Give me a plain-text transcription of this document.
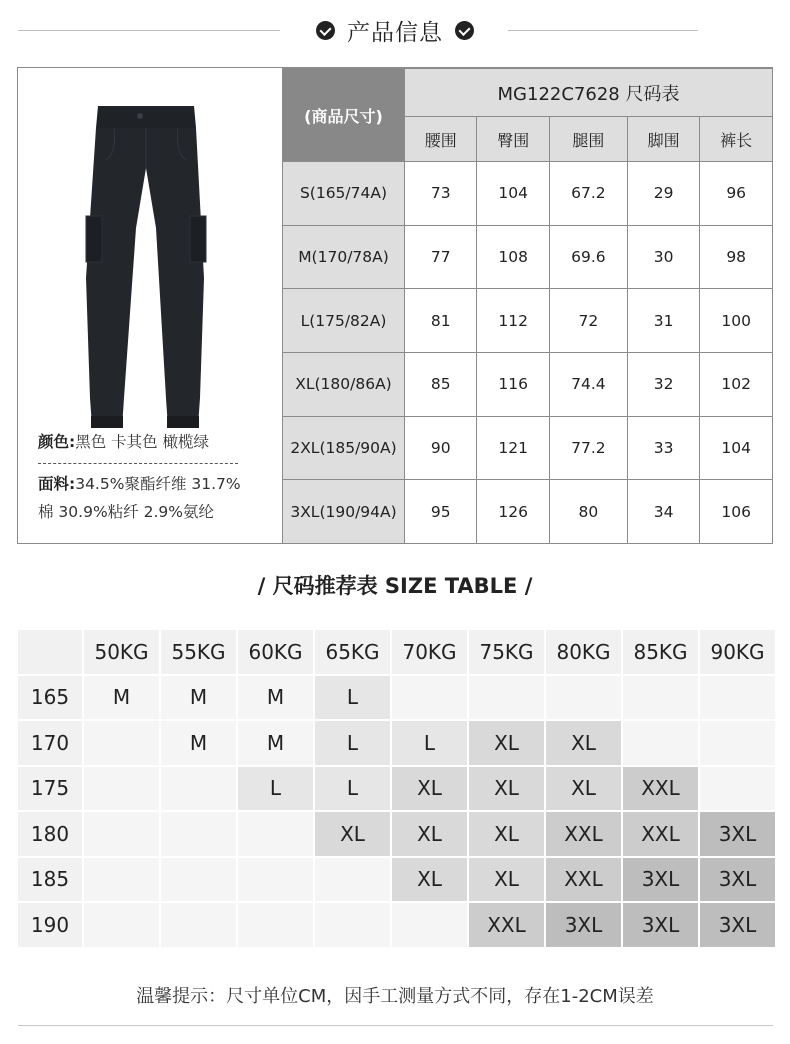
产品信息
颜色:黑色 卡其色 橄榄绿
面料:34.5%聚酯纤维 31.7%
棉 30.9%粘纤 2.9%氨纶
(商品尺寸)	MG122C7628 尺码表				
	腰围	臀围	腿围	脚围	裤长
S(165/74A)	73	104	67.2	29	96
M(170/78A)	77	108	69.6	30	98
L(175/82A)	81	112	72	31	100
XL(180/86A)	85	116	74.4	32	102
2XL(185/90A)	90	121	77.2	33	104
3XL(190/94A)	95	126	80	34	106
/ 尺码推荐表 SIZE TABLE /
	50KG	55KG	60KG	65KG	70KG	75KG	80KG	85KG	90KG
165	M	M	M	L					
170		M	M	L	L	XL	XL		
175			L	L	XL	XL	XL	XXL	
180				XL	XL	XL	XXL	XXL	3XL
185					XL	XL	XXL	3XL	3XL
190						XXL	3XL	3XL	3XL
温馨提示：尺寸单位CM，因手工测量方式不同，存在1-2CM误差
